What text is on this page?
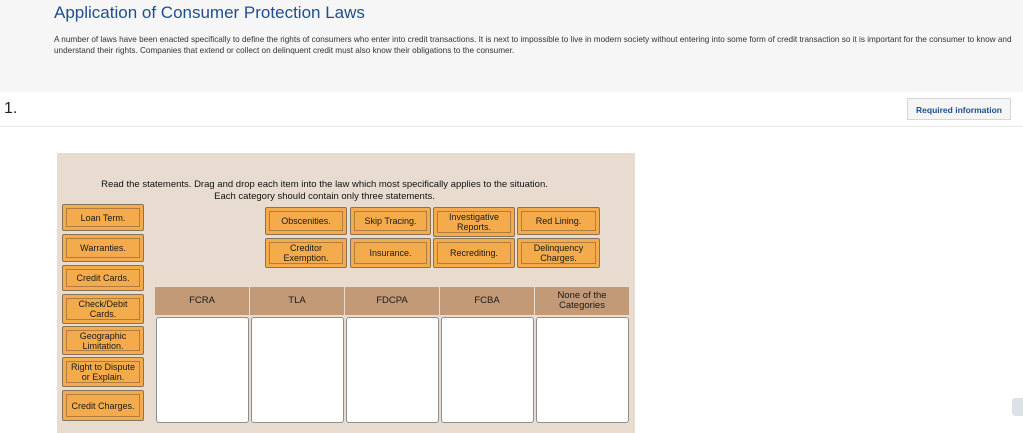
Application of Consumer Protection Laws
A number of laws have been enacted specifically to define the rights of consumers who enter into credit transactions. It is next to impossible to live in modern society without entering into some form of credit transaction so it is important for the consumer to know and understand their rights. Companies that extend or collect on delinquent credit must also know their obligations to the consumer.
1.	Required information
Read the statements. Drag and drop each item into the law which most specifically applies to the situation. Each category should contain only three statements.
Loan Term.
Warranties.
Credit Cards.
Check/Debit Cards.
Geographic Limitation.
Right to Dispute or Explain.
Credit Charges.
Obscenities.	Skip Tracing.	Investigative Reports.
Red Lining.
Creditor Exemption.	Insurance.	Recrediting.	Delinquency Charges.
FCRA	TLA	FDCPA	FCBA	None of the Categories
